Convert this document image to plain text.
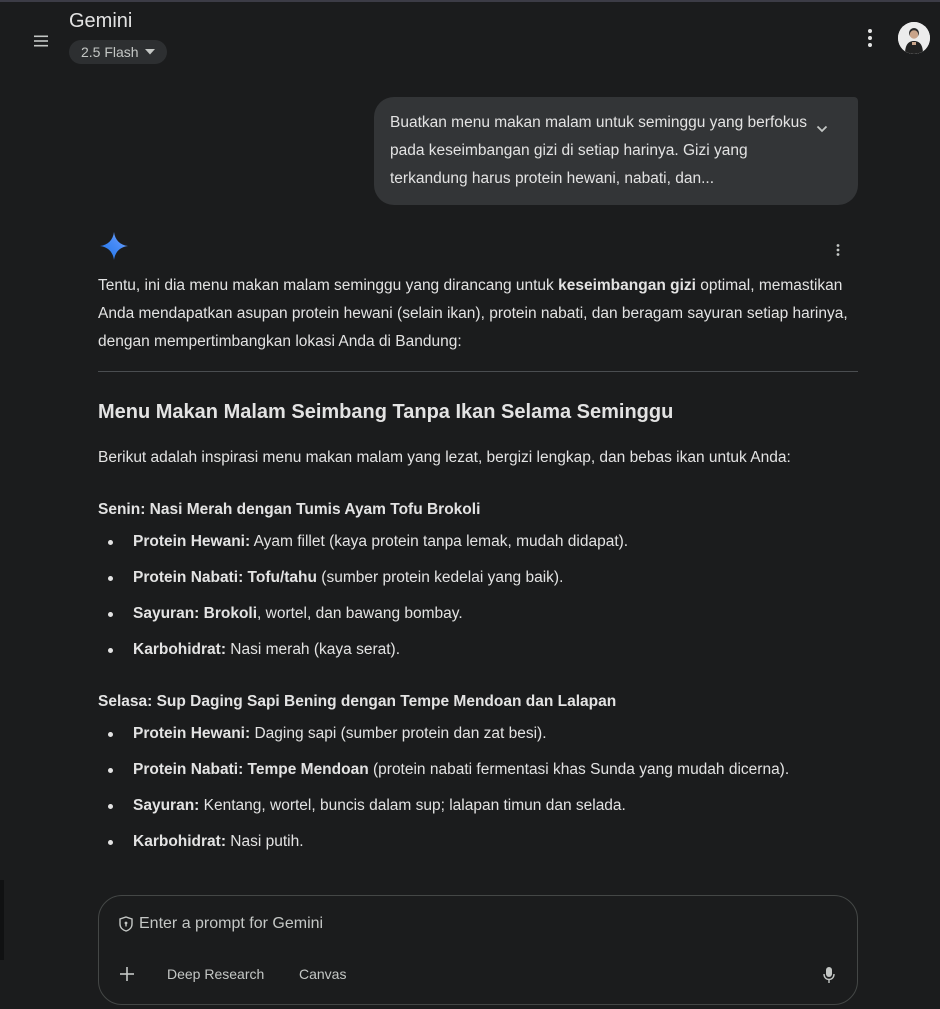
Gemini
2.5 Flash
Buatkan menu makan malam untuk seminggu yang berfokus pada keseimbangan gizi di setiap harinya. Gizi yang terkandung harus protein hewani, nabati, dan...

Tentu, ini dia menu makan malam seminggu yang dirancang untuk keseimbangan gizi optimal, memastikan Anda mendapatkan asupan protein hewani (selain ikan), protein nabati, dan beragam sayuran setiap harinya, dengan mempertimbangkan lokasi Anda di Bandung:

Menu Makan Malam Seimbang Tanpa Ikan Selama Seminggu

Berikut adalah inspirasi menu makan malam yang lezat, bergizi lengkap, dan bebas ikan untuk Anda:

Senin: Nasi Merah dengan Tumis Ayam Tofu Brokoli
Protein Hewani: Ayam fillet (kaya protein tanpa lemak, mudah didapat).
Protein Nabati: Tofu/tahu (sumber protein kedelai yang baik).
Sayuran: Brokoli, wortel, dan bawang bombay.
Karbohidrat: Nasi merah (kaya serat).
Selasa: Sup Daging Sapi Bening dengan Tempe Mendoan dan Lalapan
Protein Hewani: Daging sapi (sumber protein dan zat besi).
Protein Nabati: Tempe Mendoan (protein nabati fermentasi khas Sunda yang mudah dicerna).
Sayuran: Kentang, wortel, buncis dalam sup; lalapan timun dan selada.
Karbohidrat: Nasi putih.
Enter a prompt for Gemini
Deep Research Canvas
